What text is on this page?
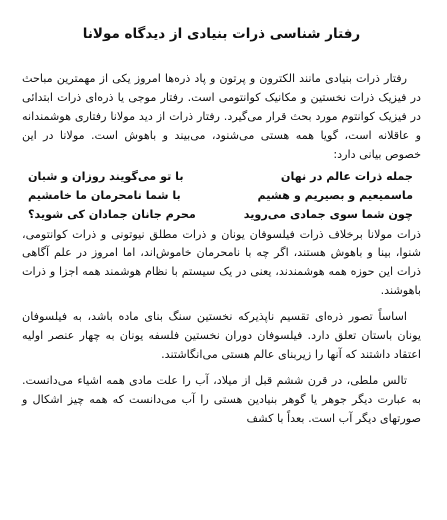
رفتار شناسی ذرات بنیادی از دیدگاه مولانا

رفتار ذرات بنیادی مانند الکترون و پرتون و پاد ذره‌ها امروز یکی از مهمترین مباحث در فیزیک ذرات نخستین و مکانیک کوانتومی است. رفتار موجی یا ذره‌ای ذرات ابتدائی در فیزیک کوانتوم مورد بحث قرار می‌گیرد. رفتار ذرات از دید مولانا رفتاری هوشمندانه و عاقلانه است، گویا همه هستی می‌شنود، می‌بیند و باهوش است. مولانا در این خصوص بیانی دارد:

جمله ذرات عالم در نهان
با تو می‌گویند روزان و شبان
ماسمیعیم و بصیریم و هشیم
با شما نامحرمان ما خامشیم
چون شما سوی جمادی می‌روید
محرم جانان جمادان کی شوید؟

ذرات مولانا برخلاف ذرات فیلسوفان یونان و ذرات مطلق نیوتونی و ذرات کوانتومی، شنوا، بینا و باهوش هستند، اگر چه با نامحرمان خاموش‌اند، اما امروز در علم آگاهی ذرات این حوزه همه هوشمندند، یعنی در یک سیستم با نظام هوشمند همه اجزا و ذرات باهوشند.

اساساً تصور ذره‌ای تقسیم ناپذیرکه نخستین سنگ بنای ماده باشد، به فیلسوفان یونان باستان تعلق دارد. فیلسوفان دوران نخستین فلسفه یونان به چهار عنصر اولیه اعتقاد داشتند که آنها را زیربنای عالم هستی می‌انگاشتند.

تالس ملطی، در قرن ششم قبل از میلاد، آب را علت مادی همه اشیاء می‌دانست. به عبارت دیگر جوهر یا گوهر بنیادین هستی را آب می‌دانست که همه چیز اشکال و صورتهای دیگر آب است. بعداً با کشف
